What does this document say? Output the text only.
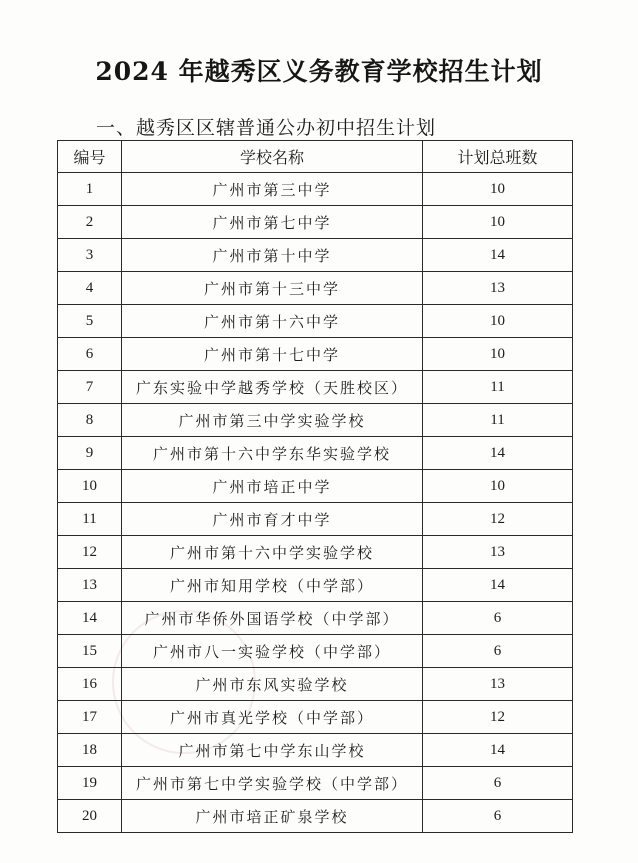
2024 年越秀区义务教育学校招生计划
一、越秀区区辖普通公办初中招生计划
编号	学校名称	计划总班数
1	广州市第三中学	10
2	广州市第七中学	10
3	广州市第十中学	14
4	广州市第十三中学	13
5	广州市第十六中学	10
6	广州市第十七中学	10
7	广东实验中学越秀学校（天胜校区）	11
8	广州市第三中学实验学校	11
9	广州市第十六中学东华实验学校	14
10	广州市培正中学	10
11	广州市育才中学	12
12	广州市第十六中学实验学校	13
13	广州市知用学校（中学部）	14
14	广州市华侨外国语学校（中学部）	6
15	广州市八一实验学校（中学部）	6
16	广州市东风实验学校	13
17	广州市真光学校（中学部）	12
18	广州市第七中学东山学校	14
19	广州市第七中学实验学校（中学部）	6
20	广州市培正矿泉学校	6
